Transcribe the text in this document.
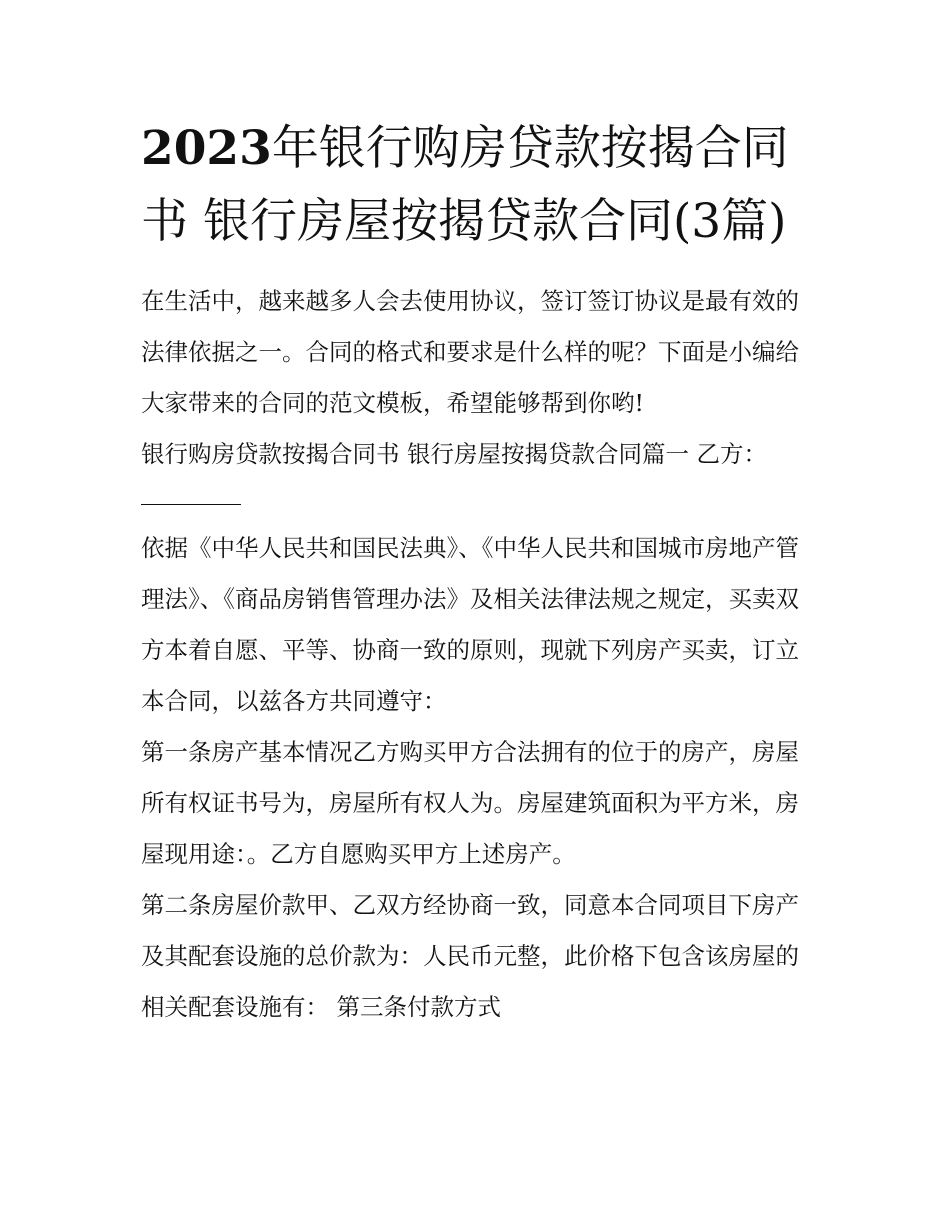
2023年银行购房贷款按揭合同书 银行房屋按揭贷款合同(3篇)

在生活中，越来越多人会去使用协议，签订签订协议是最有效的法律依据之一。合同的格式和要求是什么样的呢？下面是小编给大家带来的合同的范文模板，希望能够帮到你哟!

银行购房贷款按揭合同书 银行房屋按揭贷款合同篇一 乙方：

依据《中华人民共和国民法典》、《中华人民共和国城市房地产管理法》、《商品房销售管理办法》及相关法律法规之规定，买卖双方本着自愿、平等、协商一致的原则，现就下列房产买卖，订立本合同，以兹各方共同遵守：

第一条房产基本情况乙方购买甲方合法拥有的位于的房产，房屋所有权证书号为，房屋所有权人为。房屋建筑面积为平方米，房屋现用途：。乙方自愿购买甲方上述房产。

第二条房屋价款甲、乙双方经协商一致，同意本合同项目下房产及其配套设施的总价款为：人民币元整，此价格下包含该房屋的相关配套设施有： 第三条付款方式
